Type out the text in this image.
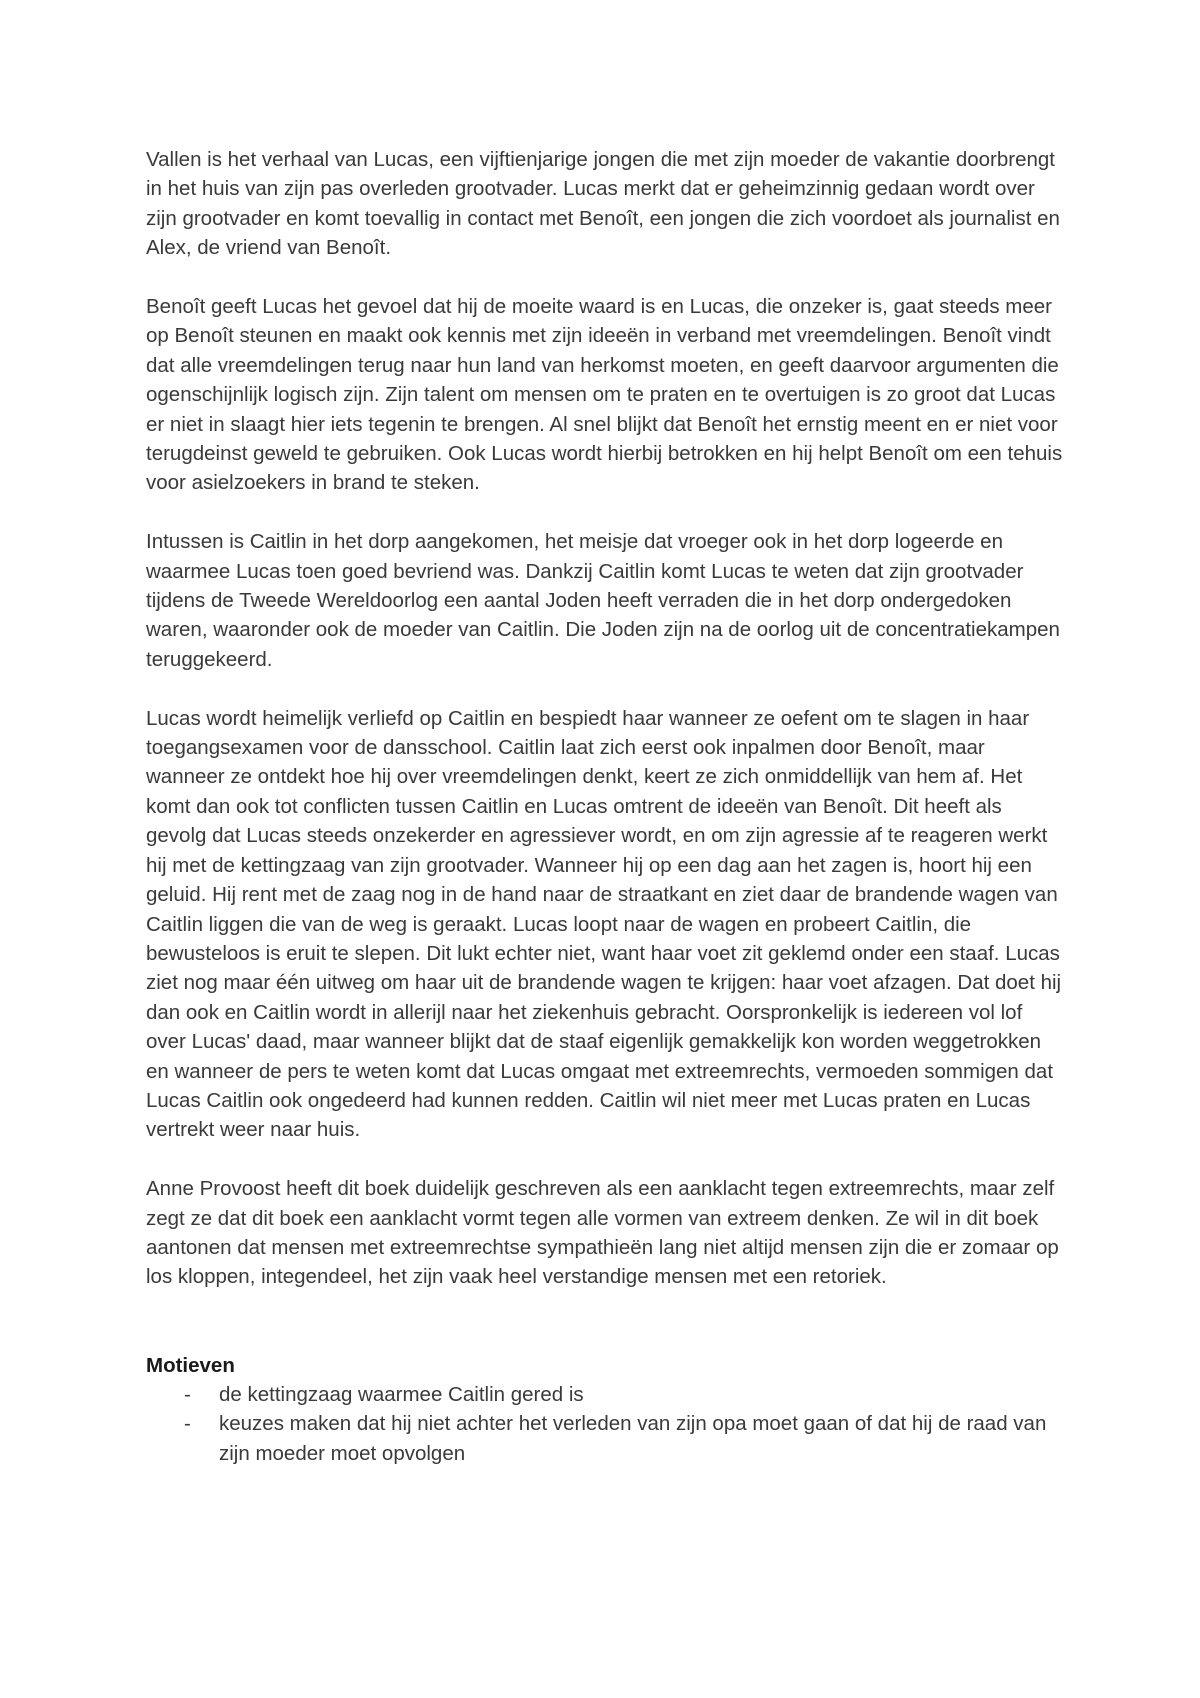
Vallen is het verhaal van Lucas, een vijftienjarige jongen die met zijn moeder de vakantie doorbrengt in het huis van zijn pas overleden grootvader. Lucas merkt dat er geheimzinnig gedaan wordt over zijn grootvader en komt toevallig in contact met Benoît, een jongen die zich voordoet als journalist en Alex, de vriend van Benoît.

Benoît geeft Lucas het gevoel dat hij de moeite waard is en Lucas, die onzeker is, gaat steeds meer op Benoît steunen en maakt ook kennis met zijn ideeën in verband met vreemdelingen. Benoît vindt dat alle vreemdelingen terug naar hun land van herkomst moeten, en geeft daarvoor argumenten die ogenschijnlijk logisch zijn. Zijn talent om mensen om te praten en te overtuigen is zo groot dat Lucas er niet in slaagt hier iets tegenin te brengen. Al snel blijkt dat Benoît het ernstig meent en er niet voor terugdeinst geweld te gebruiken. Ook Lucas wordt hierbij betrokken en hij helpt Benoît om een tehuis voor asielzoekers in brand te steken.

Intussen is Caitlin in het dorp aangekomen, het meisje dat vroeger ook in het dorp logeerde en waarmee Lucas toen goed bevriend was. Dankzij Caitlin komt Lucas te weten dat zijn grootvader tijdens de Tweede Wereldoorlog een aantal Joden heeft verraden die in het dorp ondergedoken waren, waaronder ook de moeder van Caitlin. Die Joden zijn na de oorlog uit de concentratiekampen teruggekeerd.

Lucas wordt heimelijk verliefd op Caitlin en bespiedt haar wanneer ze oefent om te slagen in haar toegangsexamen voor de dansschool. Caitlin laat zich eerst ook inpalmen door Benoît, maar wanneer ze ontdekt hoe hij over vreemdelingen denkt, keert ze zich onmiddellijk van hem af. Het komt dan ook tot conflicten tussen Caitlin en Lucas omtrent de ideeën van Benoît. Dit heeft als gevolg dat Lucas steeds onzekerder en agressiever wordt, en om zijn agressie af te reageren werkt hij met de kettingzaag van zijn grootvader. Wanneer hij op een dag aan het zagen is, hoort hij een geluid. Hij rent met de zaag nog in de hand naar de straatkant en ziet daar de brandende wagen van Caitlin liggen die van de weg is geraakt. Lucas loopt naar de wagen en probeert Caitlin, die bewusteloos is eruit te slepen. Dit lukt echter niet, want haar voet zit geklemd onder een staaf. Lucas ziet nog maar één uitweg om haar uit de brandende wagen te krijgen: haar voet afzagen. Dat doet hij dan ook en Caitlin wordt in allerijl naar het ziekenhuis gebracht. Oorspronkelijk is iedereen vol lof over Lucas' daad, maar wanneer blijkt dat de staaf eigenlijk gemakkelijk kon worden weggetrokken en wanneer de pers te weten komt dat Lucas omgaat met extreemrechts, vermoeden sommigen dat Lucas Caitlin ook ongedeerd had kunnen redden. Caitlin wil niet meer met Lucas praten en Lucas vertrekt weer naar huis.

Anne Provoost heeft dit boek duidelijk geschreven als een aanklacht tegen extreemrechts, maar zelf zegt ze dat dit boek een aanklacht vormt tegen alle vormen van extreem denken. Ze wil in dit boek aantonen dat mensen met extreemrechtse sympathieën lang niet altijd mensen zijn die er zomaar op los kloppen, integendeel, het zijn vaak heel verstandige mensen met een retoriek.

Motieven
- de kettingzaag waarmee Caitlin gered is
- keuzes maken dat hij niet achter het verleden van zijn opa moet gaan of dat hij de raad van zijn moeder moet opvolgen
